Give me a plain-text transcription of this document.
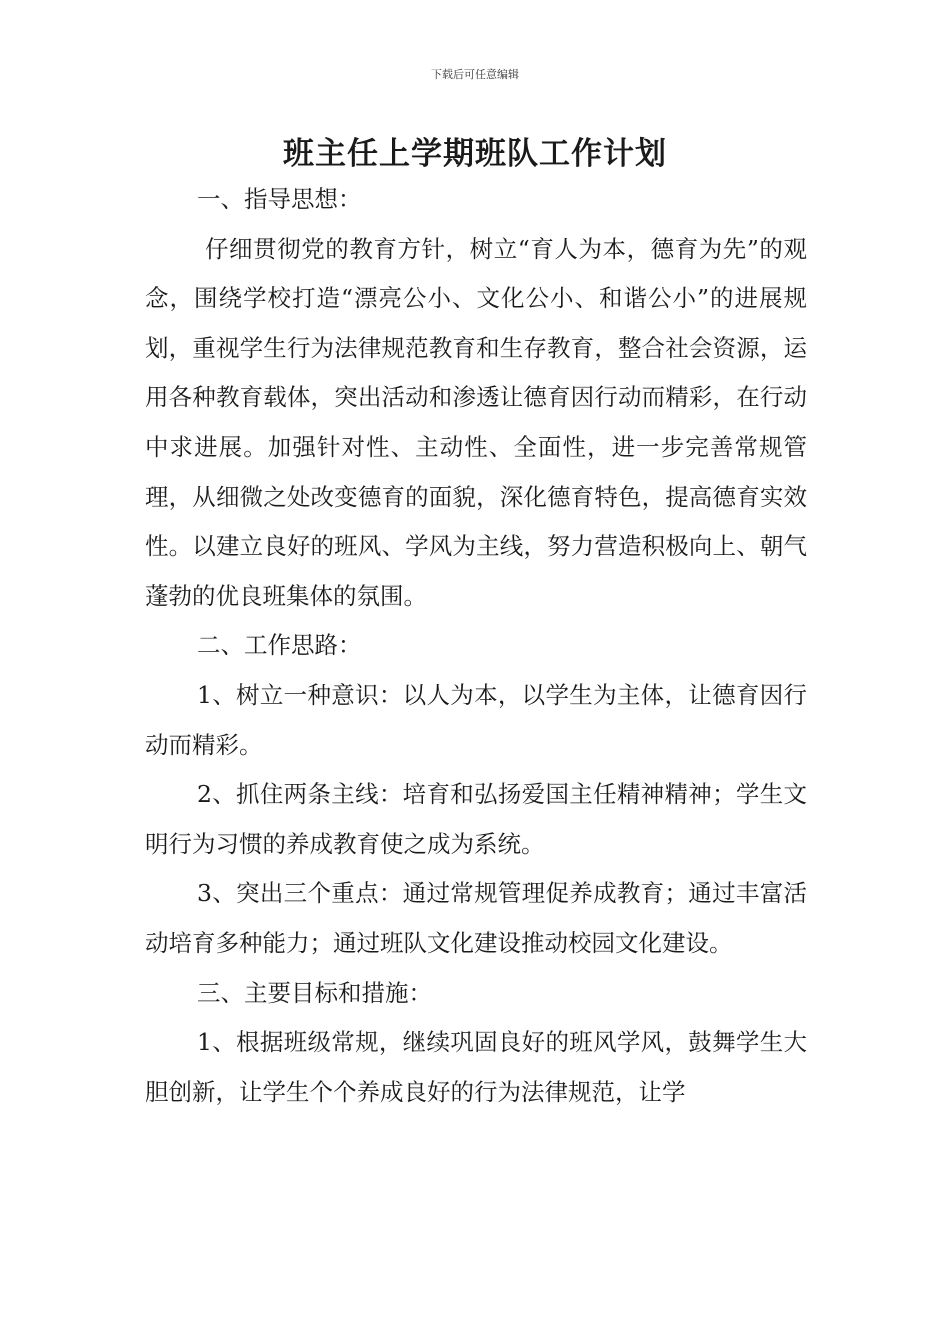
下载后可任意编辑
班主任上学期班队工作计划

一、指导思想：

仔细贯彻党的教育方针，树立“育人为本，德育为先”的观念，围绕学校打造“漂亮公小、文化公小、和谐公小”的进展规划，重视学生行为法律规范教育和生存教育，整合社会资源，运用各种教育载体，突出活动和渗透让德育因行动而精彩，在行动中求进展。加强针对性、主动性、全面性，进一步完善常规管理，从细微之处改变德育的面貌，深化德育特色，提高德育实效性。以建立良好的班风、学风为主线，努力营造积极向上、朝气蓬勃的优良班集体的氛围。

二、工作思路：

1、树立一种意识：以人为本，以学生为主体，让德育因行动而精彩。

2、抓住两条主线：培育和弘扬爱国主任精神精神；学生文明行为习惯的养成教育使之成为系统。

3、突出三个重点：通过常规管理促养成教育；通过丰富活动培育多种能力；通过班队文化建设推动校园文化建设。

三、主要目标和措施：

1、根据班级常规，继续巩固良好的班风学风，鼓舞学生大胆创新，让学生个个养成良好的行为法律规范，让学
